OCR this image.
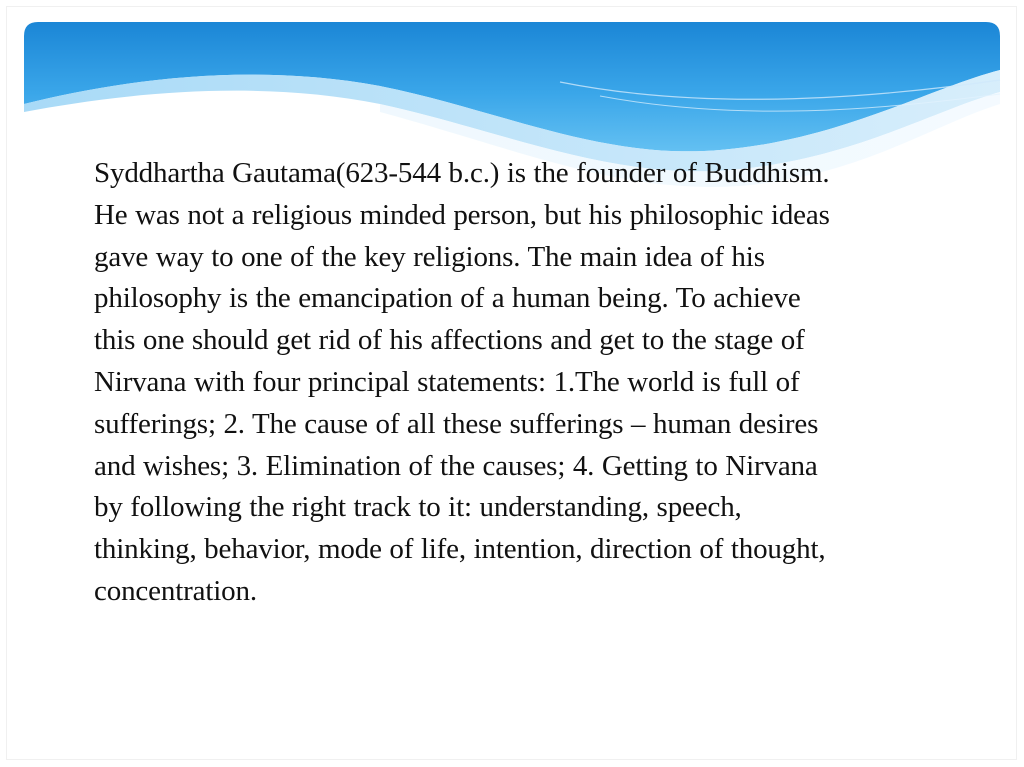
Syddhartha Gautama(623-544 b.c.) is the founder of Buddhism.
He was not a religious minded person, but his philosophic ideas
gave way to one of the key religions. The main idea of his
philosophy is the emancipation of a human being. To achieve
this one should get rid of his affections and get to the stage of
Nirvana with four principal statements: 1.The world is full of
sufferings; 2. The cause of all these sufferings – human desires
and wishes; 3. Elimination of the causes; 4. Getting to Nirvana
by following the right track to it: understanding, speech,
thinking, behavior, mode of life, intention, direction of thought,
concentration.
